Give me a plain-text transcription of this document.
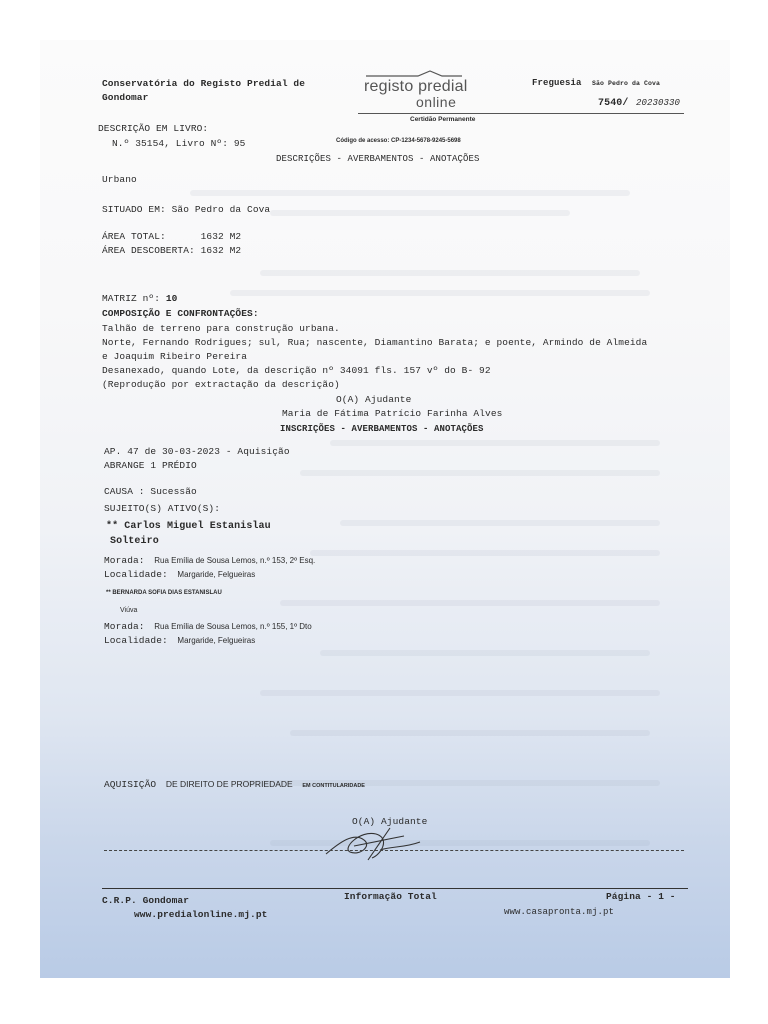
Conservatória do Registo Predial de
Gondomar
registo predial
online
Freguesia São Pedro da Cova
7540/ 20230330
Certidão Permanente
DESCRIÇÃO EM LIVRO:
N.º 35154, Livro Nº: 95	Código de acesso: CP-1234-5678-9245-5698
DESCRIÇÕES - AVERBAMENTOS - ANOTAÇÕES
Urbano
SITUADO EM: São Pedro da Cova
ÁREA TOTAL:      1632 M2
ÁREA DESCOBERTA: 1632 M2
MATRIZ nº: 10
COMPOSIÇÃO E CONFRONTAÇÕES:
Talhão de terreno para construção urbana.
Norte, Fernando Rodrigues; sul, Rua; nascente, Diamantino Barata; e poente, Armindo de Almeida
e Joaquim Ribeiro Pereira
Desanexado, quando Lote, da descrição nº 34091 fls. 157 vº do B- 92
(Reprodução por extractação da descrição)
O(A) Ajudante
Maria de Fátima Patrício Farinha Alves
INSCRIÇÕES - AVERBAMENTOS - ANOTAÇÕES
AP. 47 de 30-03-2023 - Aquisição
ABRANGE 1 PRÉDIO
CAUSA : Sucessão
SUJEITO(S) ATIVO(S):
** Carlos Miguel Estanislau
Solteiro
Morada: Rua Emília de Sousa Lemos, n.º 153, 2º Esq.
Localidade: Margaride, Felgueiras
** BERNARDA SOFIA DIAS ESTANISLAU
Viúva
Morada: Rua Emília de Sousa Lemos, n.º 155, 1º Dto
Localidade: Margaride, Felgueiras
AQUISIÇÃO DE DIREITO DE PROPRIEDADE EM CONTITULARIDADE
O(A) Ajudante
C.R.P. Gondomar
www.predialonline.mj.pt
Informação Total	Página - 1 -
www.casapronta.mj.pt
